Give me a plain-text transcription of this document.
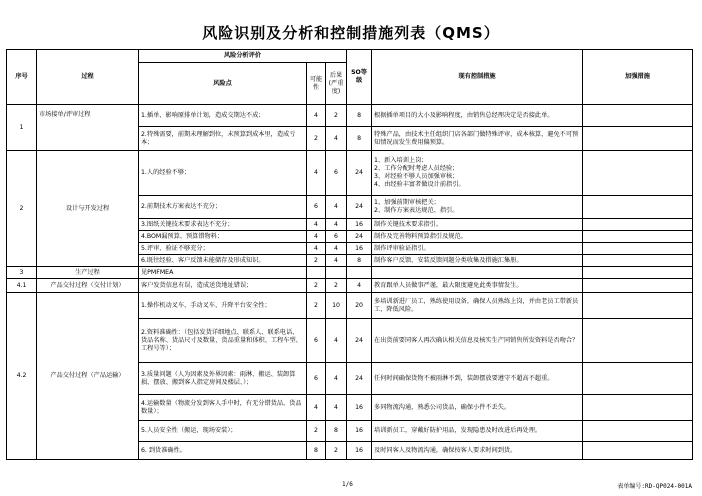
风险识别及分析和控制措施列表（QMS）
序号	过程	风险分析评价			SO等级	现有控制措施	加强措施
		风险点	可能性	后果(严重度)			
1	市场接单/评审过程	1.插单，影响原排单计划，造成交期达不成；	4	2	8	根据插单项目的大小及影响程度，由销售总经理决定是否接此单。	
		2.特殊需要，前期未理解到位，未预算到成本里，造成亏本；	2	4	8	特殊产品，由技术主任组织门店各部门做特殊评审，成本核算，避免不可预知情况而发生费用偏预算。	
2	设计与开发过程	1.人的经验不够；	4	6	24	1、新入培训上岗；
2、工作分配时考虑人员经验；
3、对经验不够人员加强审核；
4、由经验丰富者做设计前指引。	
		2.前期技术方案表达不充分；	6	4	24	1、加强前期审核把关；
2、制作方案表达规范、指引。	
		3.图纸关键技术要求表达不充分；	4	4	16	制作关键技术要求指引。	
		4.BOM漏预算、预算错物料；	4	6	24	制作及完善物料预算指引及规范。	
		5.评审、验证不够充分；	4	4	16	制作评审验证指引。	
		6.既往经验、客户反馈未能储存及形成知识。	2	4	8	制作客户反馈、安装反馈问题分类收集及措施汇集册。	
3	生产过程	见PMFMEA					
4.1	产品交付过程（交付计划）	客户发货信息有误，造成送货地址错误；	2	2	4	教育跟单人员做事严谨，最大限度避免此类事情发生。	
4.2	产品交付过程（产品运输）	1.操作机动叉车、手动叉车、升降平台安全性；	2	10	20	多培训新进厂员工，熟练使用设备，确保人员熟练上岗，并由老员工带新员工，降低风险。	
		2.资料准确性：（包括发货详细地点、联系人、联系电话、货品名称、货品尺寸及数量、货品重量和体积、工程车型、工程号等）；	6	4	24	在出货前要同客人再次确认相关信息及核实生产同销售所发资料是否吻合？	
		3.质量问题（人为因素及外界因素：雨淋、搬运、装卸算损、摆放、搬到客人指定房间及楼层、）；	6	4	24	任何时间确保货物不被雨淋不到，装卸摆放要遵守不超高不超重。	
		4.运输数量（物流分发到客人手中时，有无分错货品、货品数量）；	4	4	16	多同物流沟通，熟悉公司货品，确保小件不丢失。	
		5.人员安全性（搬运，现场安装）；	2	8	16	培训新员工，穿戴好防护用品，发现隐患及时改进后再处理。	
		6. 到货准确性。	8	2	16	及时同客人及物流沟通，确保按客人要求时间到货。	
1/6	表单编号:RD-QP024-001A
